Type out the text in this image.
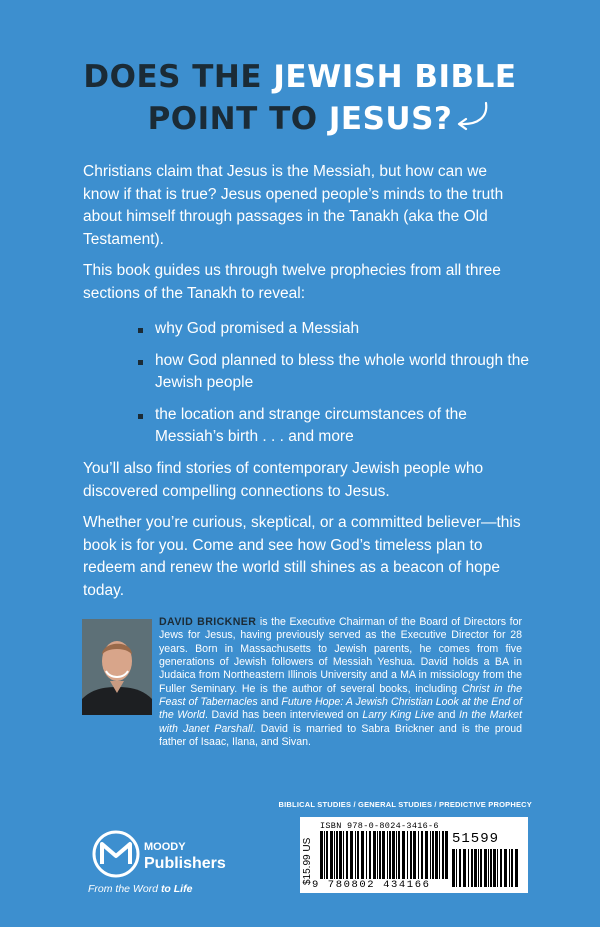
DOES THE JEWISH BIBLE
POINT TO JESUS?
Christians claim that Jesus is the Messiah, but how can we know if that is true? Jesus opened people’s minds to the truth about himself through passages in the Tanakh (aka the Old Testament).
This book guides us through twelve prophecies from all three sections of the Tanakh to reveal:
why God promised a Messiah
how God planned to bless the whole world through the Jewish people
the location and strange circumstances of the Messiah’s birth . . . and more
You’ll also find stories of contemporary Jewish people who discovered compelling connections to Jesus.
Whether you’re curious, skeptical, or a committed believer—this book is for you. Come and see how God’s timeless plan to redeem and renew the world still shines as a beacon of hope today.
DAVID BRICKNER is the Executive Chairman of the Board of Directors for Jews for Jesus, having previously served as the Executive Director for 28 years. Born in Massachusetts to Jewish parents, he comes from five generations of Jewish followers of Messiah Yeshua. David holds a BA in Judaica from Northeastern Illinois University and a MA in missiology from the Fuller Seminary. He is the author of several books, including Christ in the Feast of Tabernacles and Future Hope: A Jewish Christian Look at the End of the World. David has been interviewed on Larry King Live and In the Market with Janet Parshall. David is married to Sabra Brickner and is the proud father of Isaac, Ilana, and Sivan.
BIBLICAL STUDIES / GENERAL STUDIES / PREDICTIVE PROPHECY
MOODY
Publishers
From the Word to Life
$15.99 US
ISBN 978-0-8024-3416-6
51599
9 780802 434166
